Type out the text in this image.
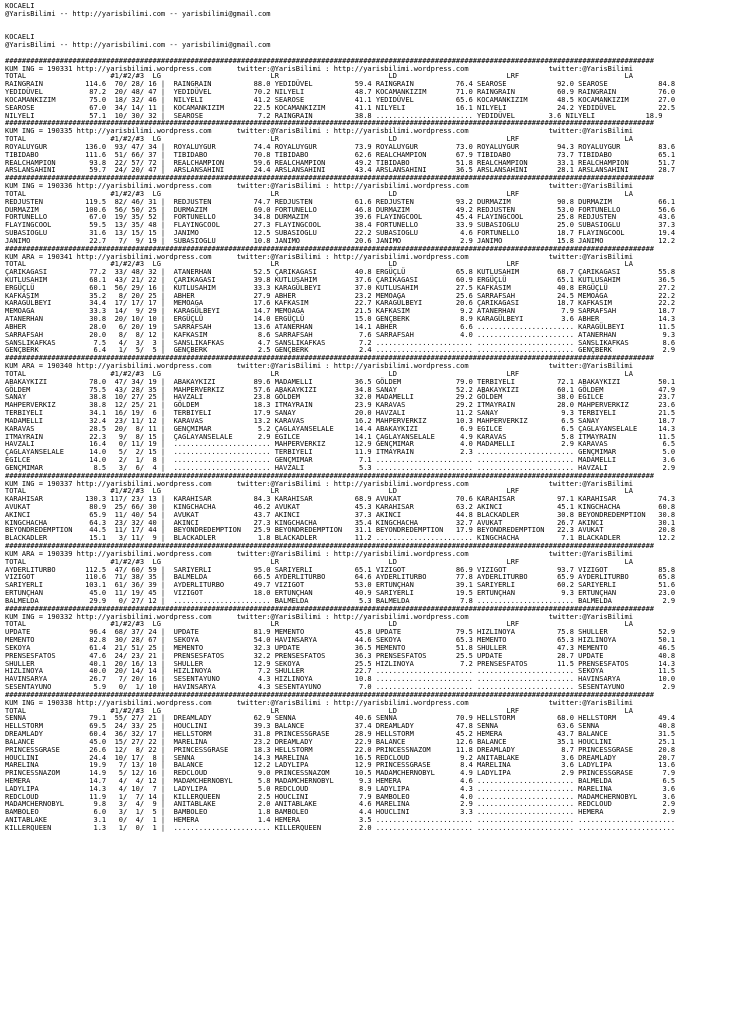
KOCAELI
@YarisBilimi -- http://yarisbilimi.com -- yarisbilimi@gmail.com
KOCAELI
@YarisBilimi -- http://yarisbilimi.com -- yarisbilimi@gmail.com
##########################################################################################################################################################
KUM ING = 190331 http://yarisbilimi.wordpress.com      twitter:@YarisBilimi : http://yarisbilimi.wordpress.com                   twitter:@YarisBilimi
TOTAL                    #1/#2/#3  LG                          LR                          LD                          LRF                         LA
RAINGRAIN          114.6  70/ 28/ 16 |  RAINGRAIN          88.0 YEDIDÜVEL          59.4 RAINGRAIN          76.4 SEAROSE            92.0 SEAROSE            84.8
YEDIDÜVEL           87.2  20/ 48/ 47 |  YEDIDÜVEL          70.2 NILYELI            48.7 KOCAMANKIZIM       71.0 RAINGRAIN          60.9 RAINGRAIN          76.0
KOCAMANKIZIM        75.0  18/ 32/ 46 |  NILYELI            41.2 SEAROSE            41.1 YEDIDÜVEL          65.6 KOCAMANKIZIM       48.5 KOCAMANKIZIM       27.0
SEAROSE             67.0  34/ 14/ 11 |  KOCAMANKIZIM       22.5 KOCAMANKIZIM       41.1 NILYELI            16.1 NILYELI            24.2 YEDIDÜVEL          22.5
NILYELI             57.1  10/ 30/ 32 |  SEAROSE             7.2 RAINGRAIN          38.8 ....................... YEDIDÜVEL        3.6 NILYELI            18.9
##########################################################################################################################################################
KUM ING = 190335 http://yarisbilimi.wordpress.com      twitter:@YarisBilimi : http://yarisbilimi.wordpress.com                   twitter:@YarisBilimi
TOTAL                    #1/#2/#3  LG                          LR                          LD                          LRF                         LA
ROYALUYGUR         136.0  93/ 47/ 34 |  ROYALUYGUR         74.4 ROYALUYGUR         73.9 ROYALUYGUR         73.0 ROYALUYGUR         94.3 ROYALUYGUR         83.6
TIBIDABO           111.6  51/ 66/ 37 |  TIBIDABO           70.8 TIBIDABO           62.6 REALCHAMPION       67.9 TIBIDABO           73.7 TIBIDABO           65.1
REALCHAMPION        93.8  22/ 57/ 72 |  REALCHAMPION       59.6 REALCHAMPION       49.2 TIBIDABO           51.8 REALCHAMPION       33.1 REALCHAMPION       51.7
ARSLANSAHINI        59.7  24/ 20/ 47 |  ARSLANSAHINI       24.4 ARSLANSAHINI       43.4 ARSLANSAHINI       36.5 ARSLANSAHINI       28.1 ARSLANSAHINI       28.7
##########################################################################################################################################################
KUM ING = 190336 http://yarisbilimi.wordpress.com      twitter:@YarisBilimi : http://yarisbilimi.wordpress.com                   twitter:@YarisBilimi
TOTAL                    #1/#2/#3  LG                          LR                          LD                          LRF                         LA
REDJUSTEN          119.5  82/ 46/ 31 |  REDJUSTEN          74.7 REDJUSTEN          61.6 REDJUSTEN          93.2 DURMAZIM           90.8 DURMAZIM           66.1
DURMAZIM           100.6  56/ 50/ 25 |  DURMAZIM           69.0 FORTUNELLO         46.8 DURMAZIM           49.2 REDJUSTEN          53.0 FORTUNELLO         56.6
FORTUNELLO          67.0  19/ 35/ 52 |  FORTUNELLO         34.8 DURMAZIM           39.6 FLAYINGCOOL        45.4 FLAYINGCOOL        25.8 REDJUSTEN          43.6
FLAYINGCOOL         59.5  13/ 35/ 48 |  FLAYINGCOOL        27.3 FLAYINGCOOL        38.4 FORTUNELLO         33.9 SUBASIOGLU         25.0 SUBASIOGLU         37.3
SUBASIOGLU          31.6  13/ 15/ 15 |  JANIMO             12.5 SUBASIOGLU         22.2 SUBASIOGLU          4.6 FORTUNELLO         18.7 FLAYINGCOOL        19.4
JANIMO              22.7   7/  9/ 19 |  SUBASIOGLU         10.8 JANIMO             20.6 JANIMO              2.9 JANIMO             15.8 JANIMO             12.2
##########################################################################################################################################################
KUM ARA = 190341 http://yarisbilimi.wordpress.com      twitter:@YarisBilimi : http://yarisbilimi.wordpress.com                   twitter:@YarisBilimi
TOTAL                    #1/#2/#3  LG                          LR                          LD                          LRF                         LA
ÇARIKAGASI          77.2  33/ 48/ 32 |  ATANERHAN          52.5 ÇARIKAGASI         40.8 ERGÜÇLÜ            65.8 KUTLUSAHIM         68.7 ÇARIKAGASI         55.8
KUTLUSAHIM          68.1  43/ 21/ 22 |  ÇARIKAGASI         39.8 KUTLUSAHIM         37.6 ÇARIKAGASI         60.9 ERGÜÇLÜ            65.1 KUTLUSAHIM         36.5
ERGÜÇLÜ             60.1  56/ 29/ 16 |  KUTLUSAHIM         33.3 KARAGÜLBEYI        37.0 KUTLUSAHIM         27.5 KAFKASIM           40.8 ERGÜÇLÜ            27.2
KAFKASIM            35.2   8/ 20/ 25 |  ABHER              27.9 ABHER              23.2 MEMOAGA            25.6 SARRAFSAH          24.5 MEMOAGA            22.2
KARAGÜLBEYI         34.4  17/ 17/ 17 |  MEMOAGA            17.6 KAFKASIM           22.7 KARAGÜLBEYI        20.6 ÇARIKAGASI         18.7 KAFKASIM           22.2
MEMOAGA             33.3  14/  9/ 29 |  KARAGÜLBEYI        14.7 MEMOAGA            21.5 KAFKASIM            9.2 ATANERHAN           7.9 SARRAFSAH          18.7
ATANERHAN           30.8  20/ 10/ 10 |  ERGÜÇLÜ            14.0 ERGÜÇLÜ            15.0 GENÇBERK            8.9 KARAGÜLBEYI         3.6 ABHER              14.3
ABHER               28.0   6/ 20/ 19 |  SARRAFSAH          13.6 ATANERHAN          14.1 ABHER               6.6 ....................... KARAGÜLBEYI        11.5
SARRAFSAH           20.0   8/  8/ 12 |  KAFKASIM            8.6 SARRAFSAH           7.6 SARRAFSAH           4.0 ....................... ATANERHAN           9.3
SANSLIKAFKAS         7.5   4/  3/  3 |  SANSLIKAFKAS        4.7 SANSLIKAFKAS        7.2 ....................... ....................... SANSLIKAFKAS        8.6
GENÇBERK             6.4   1/  5/  5 |  GENÇBERK            2.5 GENÇBERK            2.4 ....................... ....................... GENÇBERK            2.9
##########################################################################################################################################################
KUM ARA = 190340 http://yarisbilimi.wordpress.com      twitter:@YarisBilimi : http://yarisbilimi.wordpress.com                   twitter:@YarisBilimi
TOTAL                    #1/#2/#3  LG                          LR                          LD                          LRF                         LA
ABAKAYKIZI          78.0  47/ 34/ 19 |  ABAKAYKIZI         89.6 MADAMELLI          36.5 GÖLDEM             79.0 TERBIYELI          72.1 ABAKAYKIZI         50.1
GÖLDEM              75.5  43/ 28/ 35 |  MAHPERVERKIZ       57.6 ABAKAYKIZI         34.8 SANAY              52.2 ABAKAYKIZI         60.1 GÖLDEM             47.9
SANAY               38.8  10/ 27/ 25 |  HAVZALI            23.8 GÖLDEM             32.0 MADAMELLI          29.2 GÖLDEM             38.0 EGILCE             23.7
MAHPERVERKIZ        38.8  12/ 25/ 21 |  GÖLDEM             18.3 ITMAYRAIN          23.9 KARAVAS            29.2 ITMAYRAIN          28.0 MAHPERVERKIZ       23.6
TERBIYELI           34.1  16/ 19/  6 |  TERBIYELI          17.9 SANAY              20.0 HAVZALI            11.2 SANAY               9.3 TERBIYELI          21.5
MADAMELLI           32.4  23/ 11/ 12 |  KARAVAS            13.2 KARAVAS            16.2 MAHPERVERKIZ       10.3 MAHPERVERKIZ        6.5 SANAY              18.7
KARAVAS             28.5  20/  8/ 11 |  GENÇMIMAR           5.2 ÇAGLAYANSELALE     14.4 ABAKAYKIZI          6.9 EGILCE              6.5 ÇAGLAYANSELALE     14.3
ITMAYRAIN           22.3   9/  8/ 15 |  ÇAGLAYANSELALE      2.9 EGILCE             14.1 ÇAGLAYANSELALE      4.9 KARAVAS             5.8 ITMAYRAIN          11.5
HAVZALI             16.4   0/ 11/ 19 |  ....................... MAHPERVERKIZ       12.9 GENÇMIMAR           4.0 MADAMELLI           2.9 KARAVAS             6.5
ÇAGLAYANSELALE      14.0   5/  2/ 15 |  ....................... TERBIYELI          11.9 ITMAYRAIN           2.3 ....................... GENÇMIMAR           5.0
EGILCE              14.0   2/  1/  8 |  ....................... GENÇMIMAR           7.1 ....................... ....................... MADAMELLI           3.6
GENÇMIMAR            8.5   3/  6/  4 |  ....................... HAVZALI             5.3 ....................... ....................... HAVZALI             2.9
##########################################################################################################################################################
KUM ING = 190337 http://yarisbilimi.wordpress.com      twitter:@YarisBilimi : http://yarisbilimi.wordpress.com                   twitter:@YarisBilimi
TOTAL                    #1/#2/#3  LG                          LR                          LD                          LRF                         LA
KARAHISAR          130.3 117/ 23/ 13 |  KARAHISAR          84.3 KARAHISAR          68.9 AVUKAT             70.6 KARAHISAR          97.1 KARAHISAR          74.3
AVUKAT              80.9  25/ 66/ 30 |  KINGCHACHA         46.2 AVUKAT             45.3 KARAHISAR          63.2 AKINCI             45.1 KINGCHACHA         60.8
AKINCI              65.9  11/ 40/ 54 |  AVUKAT             43.7 AKINCI             37.3 AKINCI             44.8 BLACKADLER         30.8 BEYONDREDEMPTION   30.8
KINGCHACHA          64.3  23/ 32/ 40 |  AKINCI             27.3 KINGCHACHA         35.4 KINGCHACHA         32.7 AVUKAT             26.7 AKINCI             30.1
BEYONDREDEMPTION    44.5  11/ 17/ 44 |  BEYONDREDEMPTION   25.9 BEYONDREDEMPTION   31.1 BEYONDREDEMPTION   17.9 BEYONDREDEMPTION   22.3 AVUKAT             20.8
BLACKADLER          15.1   3/ 11/  9 |  BLACKADLER          1.8 BLACKADLER         11.2 ....................... KINGCHACHA          7.1 BLACKADLER         12.2
##########################################################################################################################################################
KUM ARA = 190339 http://yarisbilimi.wordpress.com      twitter:@YarisBilimi : http://yarisbilimi.wordpress.com                   twitter:@YarisBilimi
TOTAL                    #1/#2/#3  LG                          LR                          LD                          LRF                         LA
AYDERLITURBO       112.5  47/ 60/ 59 |  SARIYERLI          95.0 SARIYERLI          65.1 VIZIGOT            86.9 VIZIGOT            93.7 VIZIGOT            85.8
VIZIGOT            110.6  71/ 38/ 35 |  BALMELDA           66.5 AYDERLITURBO       64.6 AYDERLITURBO       77.8 AYDERLITURBO       65.9 AYDERLITURBO       65.8
SARIYERLI          103.1  61/ 36/ 39 |  AYDERLITURBO       49.7 VIZIGOT            53.0 ERTUNÇHAN          39.1 SARIYERLI          60.2 SARIYERLI          51.6
ERTUNÇHAN           45.0  11/ 19/ 45 |  VIZIGOT            18.0 ERTUNÇHAN          40.9 SARIYERLI          19.5 ERTUNÇHAN           9.3 ERTUNÇHAN          23.0
BALMELDA            29.9   0/ 27/ 12 |  ....................... BALMELDA            5.3 BALMELDA            7.8 ....................... BALMELDA            2.9
##########################################################################################################################################################
KUM ING = 190332 http://yarisbilimi.wordpress.com      twitter:@YarisBilimi : http://yarisbilimi.wordpress.com                   twitter:@YarisBilimi
TOTAL                    #1/#2/#3  LG                          LR                          LD                          LRF                         LA
UPDATE              96.4  68/ 37/ 24 |  UPDATE             81.9 MEMENTO            45.8 UPDATE             79.5 HIZLINOYA          75.8 SHULLER            52.9
MEMENTO             82.8  30/ 28/ 67 |  SEKOYA             54.0 HAVINSARYA         44.6 SEKOYA             65.3 MEMENTO            65.3 HIZLINOYA          50.1
SEKOYA              61.4  21/ 51/ 25 |  MEMENTO            32.3 UPDATE             36.5 MEMENTO            51.8 SHULLER            47.3 MEMENTO            46.5
PRENSESFATOS        47.6  24/ 23/ 21 |  PRENSESFATOS       32.2 PRENSESFATOS       36.3 PRENSESFATOS       25.5 UPDATE             28.7 UPDATE             40.8
SHULLER             40.1  20/ 16/ 13 |  SHULLER            12.9 SEKOYA             25.5 HIZLINOYA           7.2 PRENSESFATOS       11.5 PRENSESFATOS       14.3
HIZLINOYA           40.0  20/ 14/ 14 |  HIZLINOYA           7.2 SHULLER            22.7 ....................... ....................... SEKOYA             11.5
HAVINSARYA          26.7   7/ 20/ 16 |  SESENTAYUNO         4.3 HIZLINOYA          10.8 ....................... ....................... HAVINSARYA         10.0
SESENTAYUNO          5.9   0/  1/ 10 |  HAVINSARYA          4.3 SESENTAYUNO         7.0 ....................... ....................... SESENTAYUNO         2.9
##########################################################################################################################################################
KUM ING = 190338 http://yarisbilimi.wordpress.com      twitter:@YarisBilimi : http://yarisbilimi.wordpress.com                   twitter:@YarisBilimi
TOTAL                    #1/#2/#3  LG                          LR                          LD                          LRF                         LA
SENNA               79.1  55/ 27/ 21 |  DREAMLADY          62.9 SENNA              40.6 SENNA              70.9 HELLSTORM          68.0 HELLSTORM          49.4
HELLSTORM           69.5  24/ 33/ 25 |  HOUCLINI           39.3 BALANCE            37.4 DREAMLADY          47.8 SENNA              63.6 SENNA              40.8
DREAMLADY           60.4  36/ 32/ 17 |  HELLSTORM          31.8 PRINCESSGRASE      28.9 HELLSTORM          45.2 HEMERA             43.7 BALANCE            31.5
BALANCE             45.0  15/ 27/ 22 |  MARELINA           23.2 DREAMLADY          22.9 BALANCE            12.6 BALANCE            35.1 HOUCLINI           25.1
PRINCESSGRASE       26.6  12/  8/ 22 |  PRINCESSGRASE      18.3 HELLSTORM          22.0 PRINCESSNAZOM      11.8 DREAMLADY           8.7 PRINCESSGRASE      20.8
HOUCLINI            24.4  10/ 17/  8 |  SENNA              14.3 MARELINA           16.5 REDCLOUD            9.2 ANITABLAKE          3.6 DREAMLADY          20.7
MARELINA            19.9   7/ 13/ 10 |  BALANCE            12.2 LADYLIPA           12.9 PRINCESSGRASE       8.4 MARELINA            3.6 LADYLIPA           13.6
PRINCESSNAZOM       14.9   5/ 12/ 16 |  REDCLOUD            9.0 PRINCESSNAZOM      10.5 MADAMCHERNOBYL      4.9 LADYLIPA            2.9 PRINCESSGRASE       7.9
HEMERA              14.7   4/  4/ 12 |  MADAMCHERNOBYL      5.8 MADAMCHERNOBYL      9.3 HEMERA              4.6 ....................... BALMELDA            6.5
LADYLIPA            14.3   4/ 10/  7 |  LADYLIPA            5.0 REDCLOUD            8.9 LADYLIPA            4.3 ....................... MARELINA            3.6
REDCLOUD            11.9   1/  7/ 14 |  KILLERQUEEN         2.5 HOUCLINI            7.9 BAMBOLEO            4.0 ....................... MADAMCHERNOBYL      3.6
MADAMCHERNOBYL       9.8   3/  4/  9 |  ANITABLAKE          2.0 ANITABLAKE          4.6 MARELINA            2.9 ....................... REDCLOUD            2.9
BAMBOLEO             6.0   3/  1/  5 |  BAMBOLEO            1.8 BAMBOLEO            4.4 HOUCLINI            3.3 ....................... HEMERA              2.9
ANITABLAKE           3.1   0/  4/  1 |  HEMERA              1.4 HEMERA              3.5 ....................... ....................... .......................
KILLERQUEEN          1.3   1/  0/  1 |  ....................... KILLERQUEEN         2.0 ....................... ....................... .......................
